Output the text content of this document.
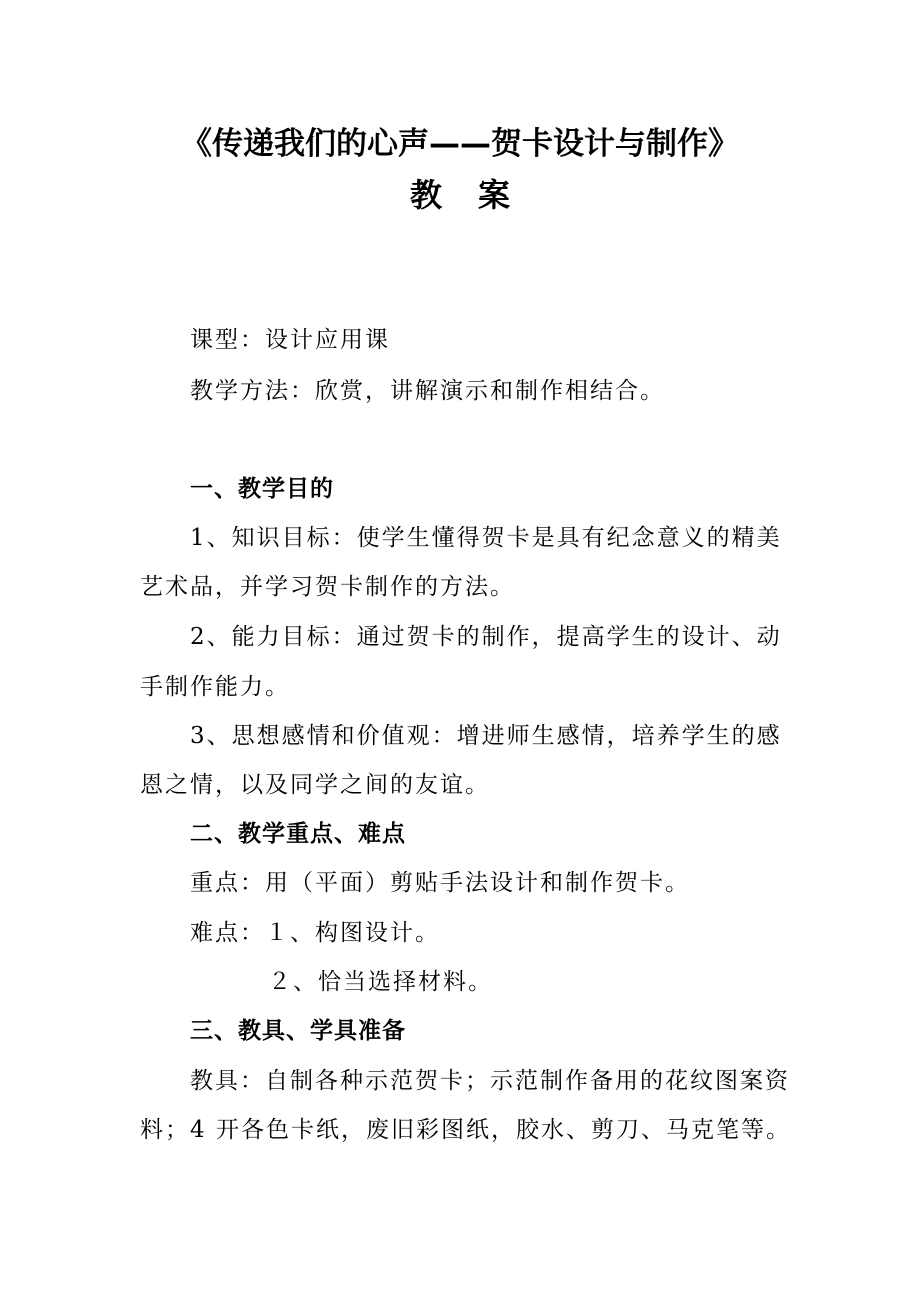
《传递我们的心声——贺卡设计与制作》
教案
课型：设计应用课
教学方法：欣赏，讲解演示和制作相结合。
一、教学目的
1、知识目标：使学生懂得贺卡是具有纪念意义的精美
艺术品，并学习贺卡制作的方法。
2、能力目标：通过贺卡的制作，提高学生的设计、动
手制作能力。
3、思想感情和价值观：增进师生感情，培养学生的感
恩之情，以及同学之间的友谊。
二、教学重点、难点
重点：用（平面）剪贴手法设计和制作贺卡。
难点：１、构图设计。
２、恰当选择材料。
三、教具、学具准备
教具：自制各种示范贺卡；示范制作备用的花纹图案资
料；4 开各色卡纸，废旧彩图纸，胶水、剪刀、马克笔等。
